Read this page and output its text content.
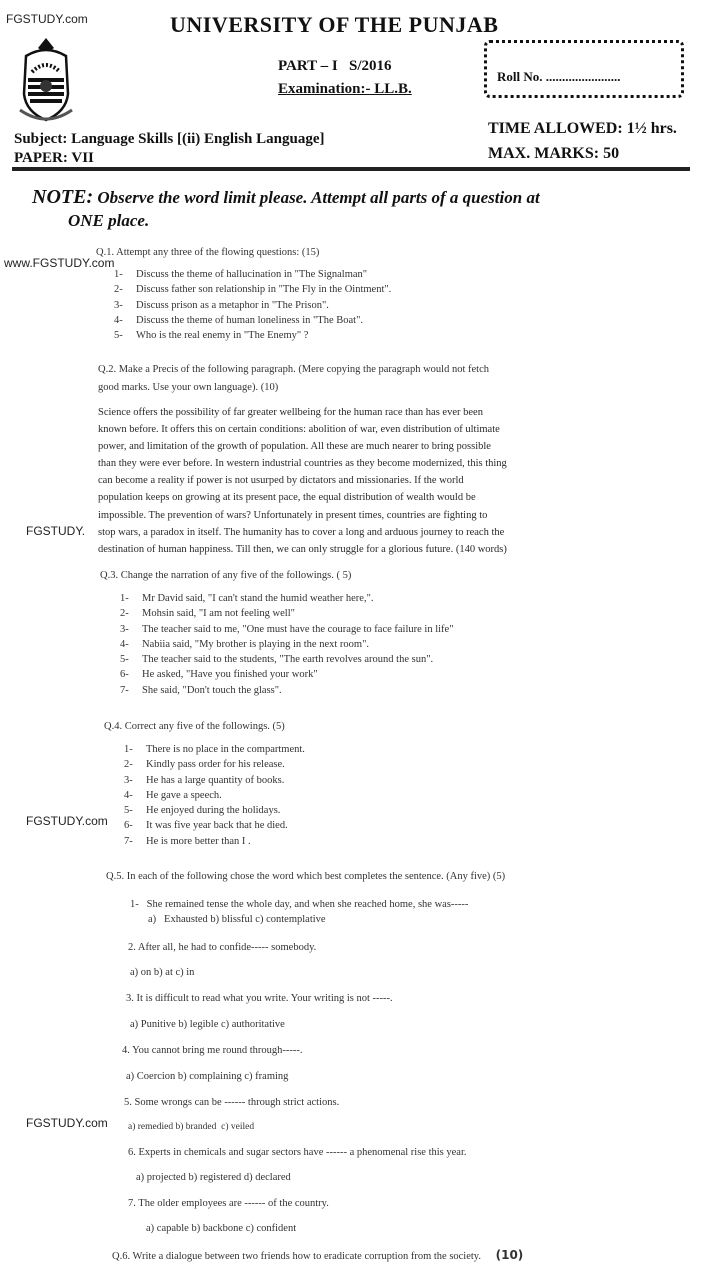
FGSTUDY.com	UNIVERSITY OF THE PUNJAB
PART – I   S/2016
Examination:- LL.B.
Roll No. .......................
Subject: Language Skills [(ii) English Language]
PAPER: VII
TIME ALLOWED: 1½ hrs.
MAX. MARKS: 50
NOTE: Observe the word limit please. Attempt all parts of a question at
ONE place.
www.FGSTUDY.com
Q.1. Attempt any three of the flowing questions: (15)
1- Discuss the theme of hallucination in "The Signalman"
2- Discuss father son relationship in "The Fly in the Ointment".
3- Discuss prison as a metaphor in "The Prison".
4- Discuss the theme of human loneliness in "The Boat".
5- Who is the real enemy in "The Enemy" ?
Q.2. Make a Precis of the following paragraph. (Mere copying the paragraph would not fetch
good marks. Use your own language). (10)
Science offers the possibility of far greater wellbeing for the human race than has ever been
known before. It offers this on certain conditions: abolition of war, even distribution of ultimate
power, and limitation of the growth of population. All these are much nearer to bring possible
than they were ever before. In western industrial countries as they become modernized, this thing
can become a reality if power is not usurped by dictators and missionaries. If the world
population keeps on growing at its present pace, the equal distribution of wealth would be
impossible. The prevention of wars? Unfortunately in present times, countries are fighting to
stop wars, a paradox in itself. The humanity has to cover a long and arduous journey to reach the
destination of human happiness. Till then, we can only struggle for a glorious future. (140 words)
FGSTUDY.
Q.3. Change the narration of any five of the followings. ( 5)
1- Mr David said, "I can't stand the humid weather here,".
2- Mohsin said, "I am not feeling well"
3- The teacher said to me, "One must have the courage to face failure in life"
4- Nabiia said, "My brother is playing in the next room".
5- The teacher said to the students, "The earth revolves around the sun".
6- He asked, "Have you finished your work"
7- She said, "Don't touch the glass".
Q.4. Correct any five of the followings. (5)
1- There is no place in the compartment.
2- Kindly pass order for his release.
3- He has a large quantity of books.
4- He gave a speech.
5- He enjoyed during the holidays.
6- It was five year back that he died.
7- He is more better than I .
FGSTUDY.com
Q.5. In each of the following chose the word which best completes the sentence. (Any five) (5)
1-   She remained tense the whole day, and when she reached home, she was-----
a)   Exhausted b) blissful c) contemplative
2. After all, he had to confide----- somebody.
a) on b) at c) in
3. It is difficult to read what you write. Your writing is not -----.
a) Punitive b) legible c) authoritative
4. You cannot bring me round through-----.
a) Coercion b) complaining c) framing
5. Some wrongs can be ------ through strict actions.
FGSTUDY.com a) remedied b) branded  c) veiled
6. Experts in chemicals and sugar sectors have ------ a phenomenal rise this year.
a) projected b) registered d) declared
7. The older employees are ------ of the country.
a) capable b) backbone c) confident
Q.6. Write a dialogue between two friends how to eradicate corruption from the society. (10)
